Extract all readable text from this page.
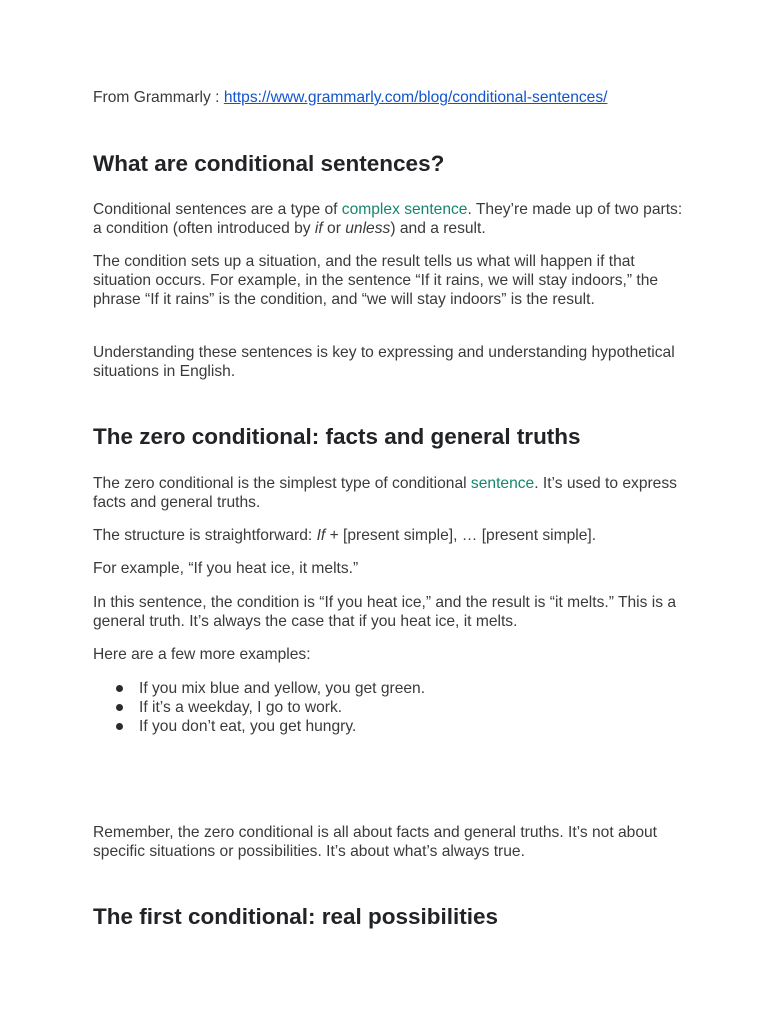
From Grammarly : https://www.grammarly.com/blog/conditional-sentences/

What are conditional sentences?

Conditional sentences are a type of complex sentence. They’re made up of two parts: a condition (often introduced by if or unless) and a result.

The condition sets up a situation, and the result tells us what will happen if that situation occurs. For example, in the sentence “If it rains, we will stay indoors,” the phrase “If it rains” is the condition, and “we will stay indoors” is the result.

Understanding these sentences is key to expressing and understanding hypothetical situations in English.

The zero conditional: facts and general truths

The zero conditional is the simplest type of conditional sentence. It’s used to express facts and general truths.

The structure is straightforward: If + [present simple], … [present simple].

For example, “If you heat ice, it melts.”

In this sentence, the condition is “If you heat ice,” and the result is “it melts.” This is a general truth. It’s always the case that if you heat ice, it melts.

Here are a few more examples:

If you mix blue and yellow, you get green.
If it’s a weekday, I go to work.
If you don’t eat, you get hungry.

Remember, the zero conditional is all about facts and general truths. It’s not about specific situations or possibilities. It’s about what’s always true.

The first conditional: real possibilities
